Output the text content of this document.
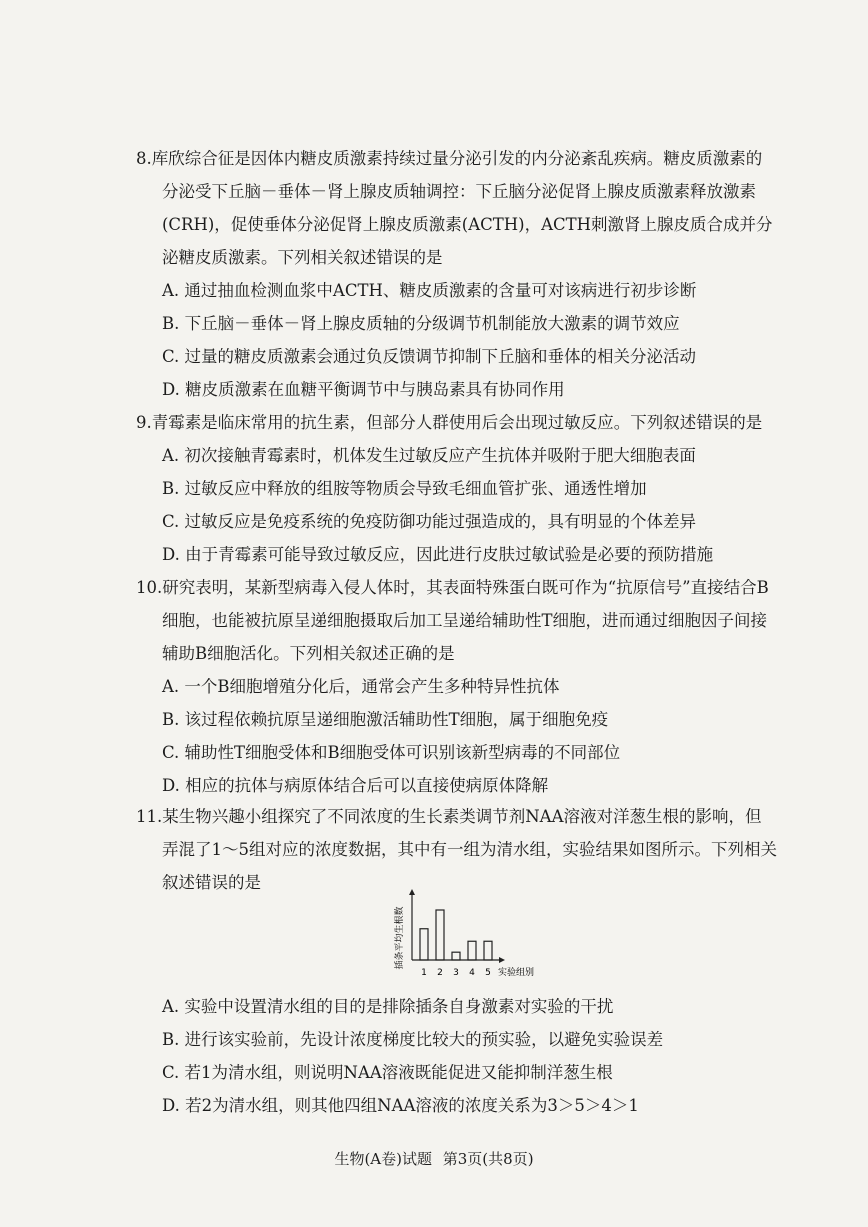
8.库欣综合征是因体内糖皮质激素持续过量分泌引发的内分泌紊乱疾病。糖皮质激素的
分泌受下丘脑－垂体－肾上腺皮质轴调控：下丘脑分泌促肾上腺皮质激素释放激素
(CRH)，促使垂体分泌促肾上腺皮质激素(ACTH)，ACTH刺激肾上腺皮质合成并分
泌糖皮质激素。下列相关叙述错误的是
A. 通过抽血检测血浆中ACTH、糖皮质激素的含量可对该病进行初步诊断
B. 下丘脑－垂体－肾上腺皮质轴的分级调节机制能放大激素的调节效应
C. 过量的糖皮质激素会通过负反馈调节抑制下丘脑和垂体的相关分泌活动
D. 糖皮质激素在血糖平衡调节中与胰岛素具有协同作用
9.青霉素是临床常用的抗生素，但部分人群使用后会出现过敏反应。下列叙述错误的是
A. 初次接触青霉素时，机体发生过敏反应产生抗体并吸附于肥大细胞表面
B. 过敏反应中释放的组胺等物质会导致毛细血管扩张、通透性增加
C. 过敏反应是免疫系统的免疫防御功能过强造成的，具有明显的个体差异
D. 由于青霉素可能导致过敏反应，因此进行皮肤过敏试验是必要的预防措施
10.研究表明，某新型病毒入侵人体时，其表面特殊蛋白既可作为“抗原信号”直接结合B
细胞，也能被抗原呈递细胞摄取后加工呈递给辅助性T细胞，进而通过细胞因子间接
辅助B细胞活化。下列相关叙述正确的是
A. 一个B细胞增殖分化后，通常会产生多种特异性抗体
B. 该过程依赖抗原呈递细胞激活辅助性T细胞，属于细胞免疫
C. 辅助性T细胞受体和B细胞受体可识别该新型病毒的不同部位
D. 相应的抗体与病原体结合后可以直接使病原体降解
11.某生物兴趣小组探究了不同浓度的生长素类调节剂NAA溶液对洋葱生根的影响，但
弄混了1～5组对应的浓度数据，其中有一组为清水组，实验结果如图所示。下列相关
叙述错误的是
插条平均生根数
1 2 3 4 5 实验组别
A. 实验中设置清水组的目的是排除插条自身激素对实验的干扰
B. 进行该实验前，先设计浓度梯度比较大的预实验，以避免实验误差
C. 若1为清水组，则说明NAA溶液既能促进又能抑制洋葱生根
D. 若2为清水组，则其他四组NAA溶液的浓度关系为3＞5＞4＞1
生物(A卷)试题 第3页(共8页)
